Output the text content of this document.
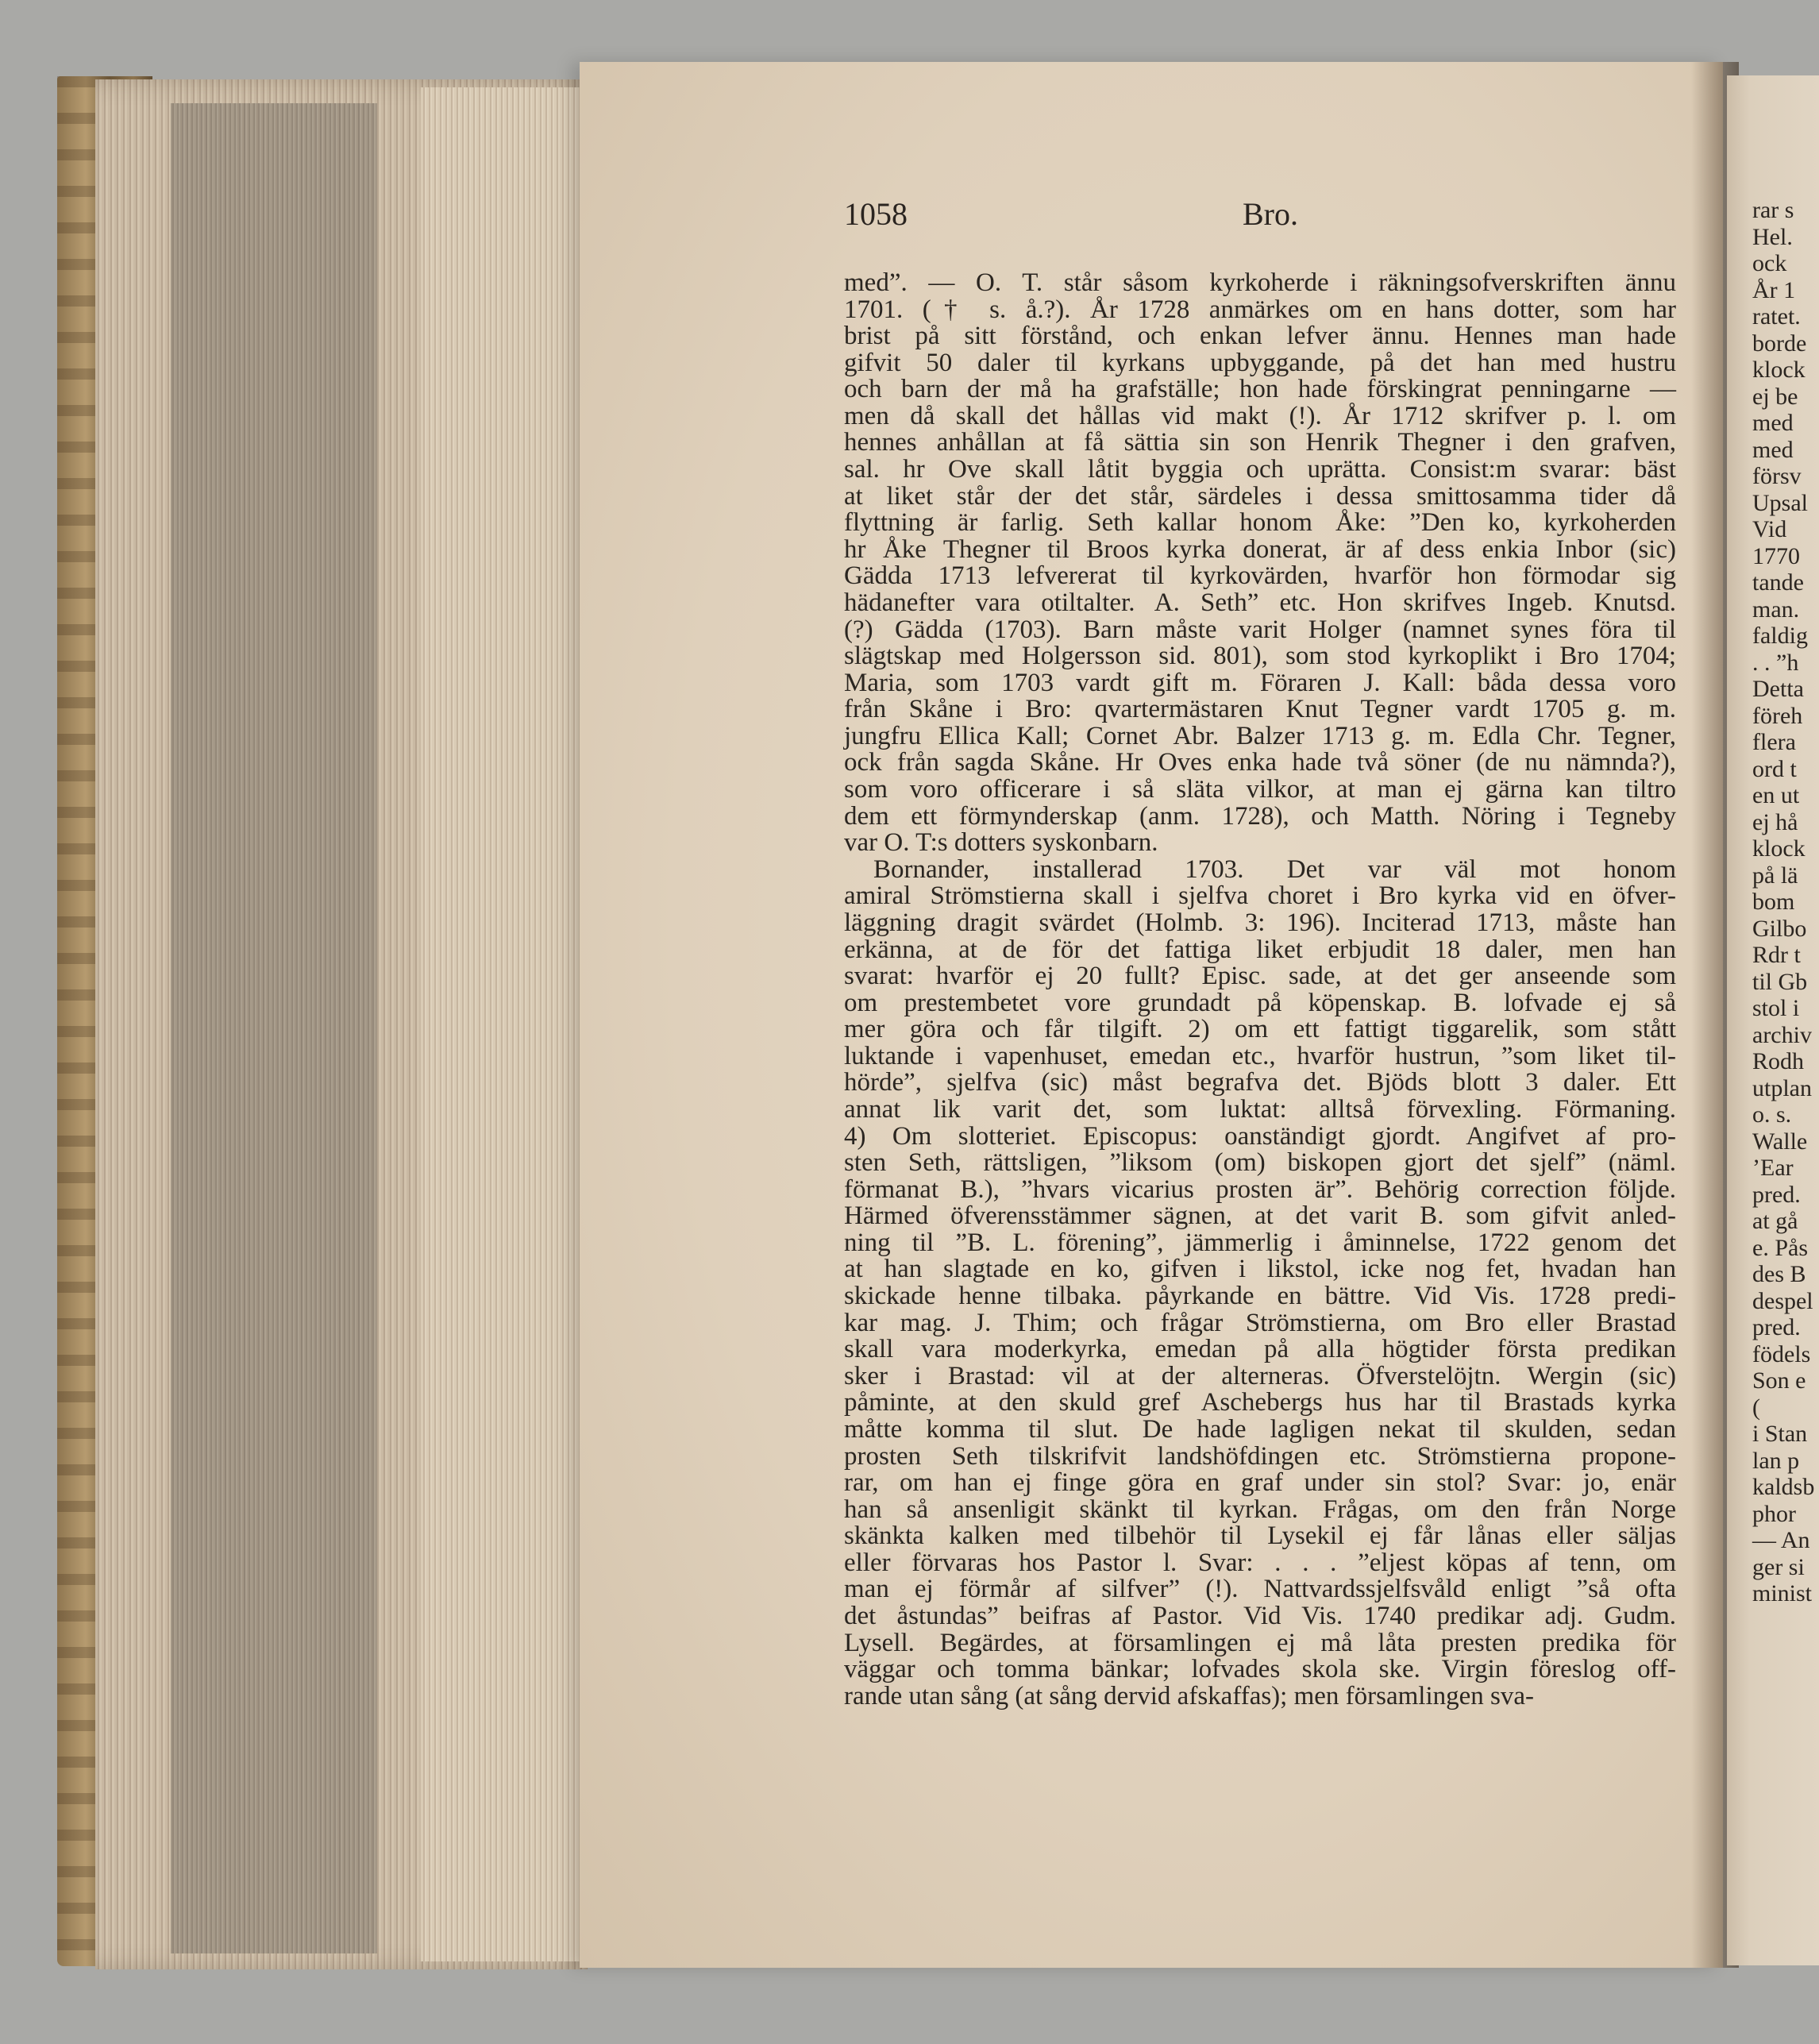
rar s
Hel.
ock
År 1
ratet.
borde
klock
ej be
med
med
försv
Upsal
Vid
1770
tande
man.
faldig
. . ”h
Detta
föreh
flera
ord t
en ut
ej hå
klock
på lä
bom
Gilbo
Rdr t
til Gb
stol i
archiv
Rodh
utplan
o. s.
Walle
’Ear
pred.
at gå
e. Pås
des B
despel
pred.
födels
Son e
(
i Stan
lan p
kaldsb
phor
— An
ger si
minist
1058	Bro.
med”. — O. T. står såsom kyrkoherde i räkningsofverskriften ännu
1701. († s. å.?). År 1728 anmärkes om en hans dotter, som har
brist på sitt förstånd, och enkan lefver ännu. Hennes man hade
gifvit 50 daler til kyrkans upbyggande, på det han med hustru
och barn der må ha grafställe; hon hade förskingrat penningarne —
men då skall det hållas vid makt (!). År 1712 skrifver p. l. om
hennes anhållan at få sättia sin son Henrik Thegner i den grafven,
sal. hr Ove skall låtit byggia och uprätta. Consist:m svarar: bäst
at liket står der det står, särdeles i dessa smittosamma tider då
flyttning är farlig. Seth kallar honom Åke: ”Den ko, kyrkoherden
hr Åke Thegner til Broos kyrka donerat, är af dess enkia Inbor (sic)
Gädda 1713 lefvererat til kyrkovärden, hvarför hon förmodar sig
hädanefter vara otiltalter. A. Seth” etc. Hon skrifves Ingeb. Knutsd.
(?) Gädda (1703). Barn måste varit Holger (namnet synes föra til
slägtskap med Holgersson sid. 801), som stod kyrkoplikt i Bro 1704;
Maria, som 1703 vardt gift m. Föraren J. Kall: båda dessa voro
från Skåne i Bro: qvartermästaren Knut Tegner vardt 1705 g. m.
jungfru Ellica Kall; Cornet Abr. Balzer 1713 g. m. Edla Chr. Tegner,
ock från sagda Skåne. Hr Oves enka hade två söner (de nu nämnda?),
som voro officerare i så släta vilkor, at man ej gärna kan tiltro
dem ett förmynderskap (anm. 1728), och Matth. Nöring i Tegneby
var O. T:s dotters syskonbarn.
Bornander, installerad 1703. Det var väl mot honom
amiral Strömstierna skall i sjelfva choret i Bro kyrka vid en öfver-
läggning dragit svärdet (Holmb. 3: 196). Inciterad 1713, måste han
erkänna, at de för det fattiga liket erbjudit 18 daler, men han
svarat: hvarför ej 20 fullt? Episc. sade, at det ger anseende som
om prestembetet vore grundadt på köpenskap. B. lofvade ej så
mer göra och får tilgift. 2) om ett fattigt tiggarelik, som stått
luktande i vapenhuset, emedan etc., hvarför hustrun, ”som liket til-
hörde”, sjelfva (sic) måst begrafva det. Bjöds blott 3 daler. Ett
annat lik varit det, som luktat: alltså förvexling. Förmaning.
4) Om slotteriet. Episcopus: oanständigt gjordt. Angifvet af pro-
sten Seth, rättsligen, ”liksom (om) biskopen gjort det sjelf” (näml.
förmanat B.), ”hvars vicarius prosten är”. Behörig correction följde.
Härmed öfverensstämmer sägnen, at det varit B. som gifvit anled-
ning til ”B. L. förening”, jämmerlig i åminnelse, 1722 genom det
at han slagtade en ko, gifven i likstol, icke nog fet, hvadan han
skickade henne tilbaka. påyrkande en bättre. Vid Vis. 1728 predi-
kar mag. J. Thim; och frågar Strömstierna, om Bro eller Brastad
skall vara moderkyrka, emedan på alla högtider första predikan
sker i Brastad: vil at der alterneras. Öfverstelöjtn. Wergin (sic)
påminte, at den skuld gref Aschebergs hus har til Brastads kyrka
måtte komma til slut. De hade lagligen nekat til skulden, sedan
prosten Seth tilskrifvit landshöfdingen etc. Strömstierna propone-
rar, om han ej finge göra en graf under sin stol? Svar: jo, enär
han så ansenligit skänkt til kyrkan. Frågas, om den från Norge
skänkta kalken med tilbehör til Lysekil ej får lånas eller säljas
eller förvaras hos Pastor l. Svar: . . . ”eljest köpas af tenn, om
man ej förmår af silfver” (!). Nattvardssjelfsvåld enligt ”så ofta
det åstundas” beifras af Pastor. Vid Vis. 1740 predikar adj. Gudm.
Lysell. Begärdes, at församlingen ej må låta presten predika för
väggar och tomma bänkar; lofvades skola ske. Virgin föreslog off-
rande utan sång (at sång dervid afskaffas); men församlingen sva-
